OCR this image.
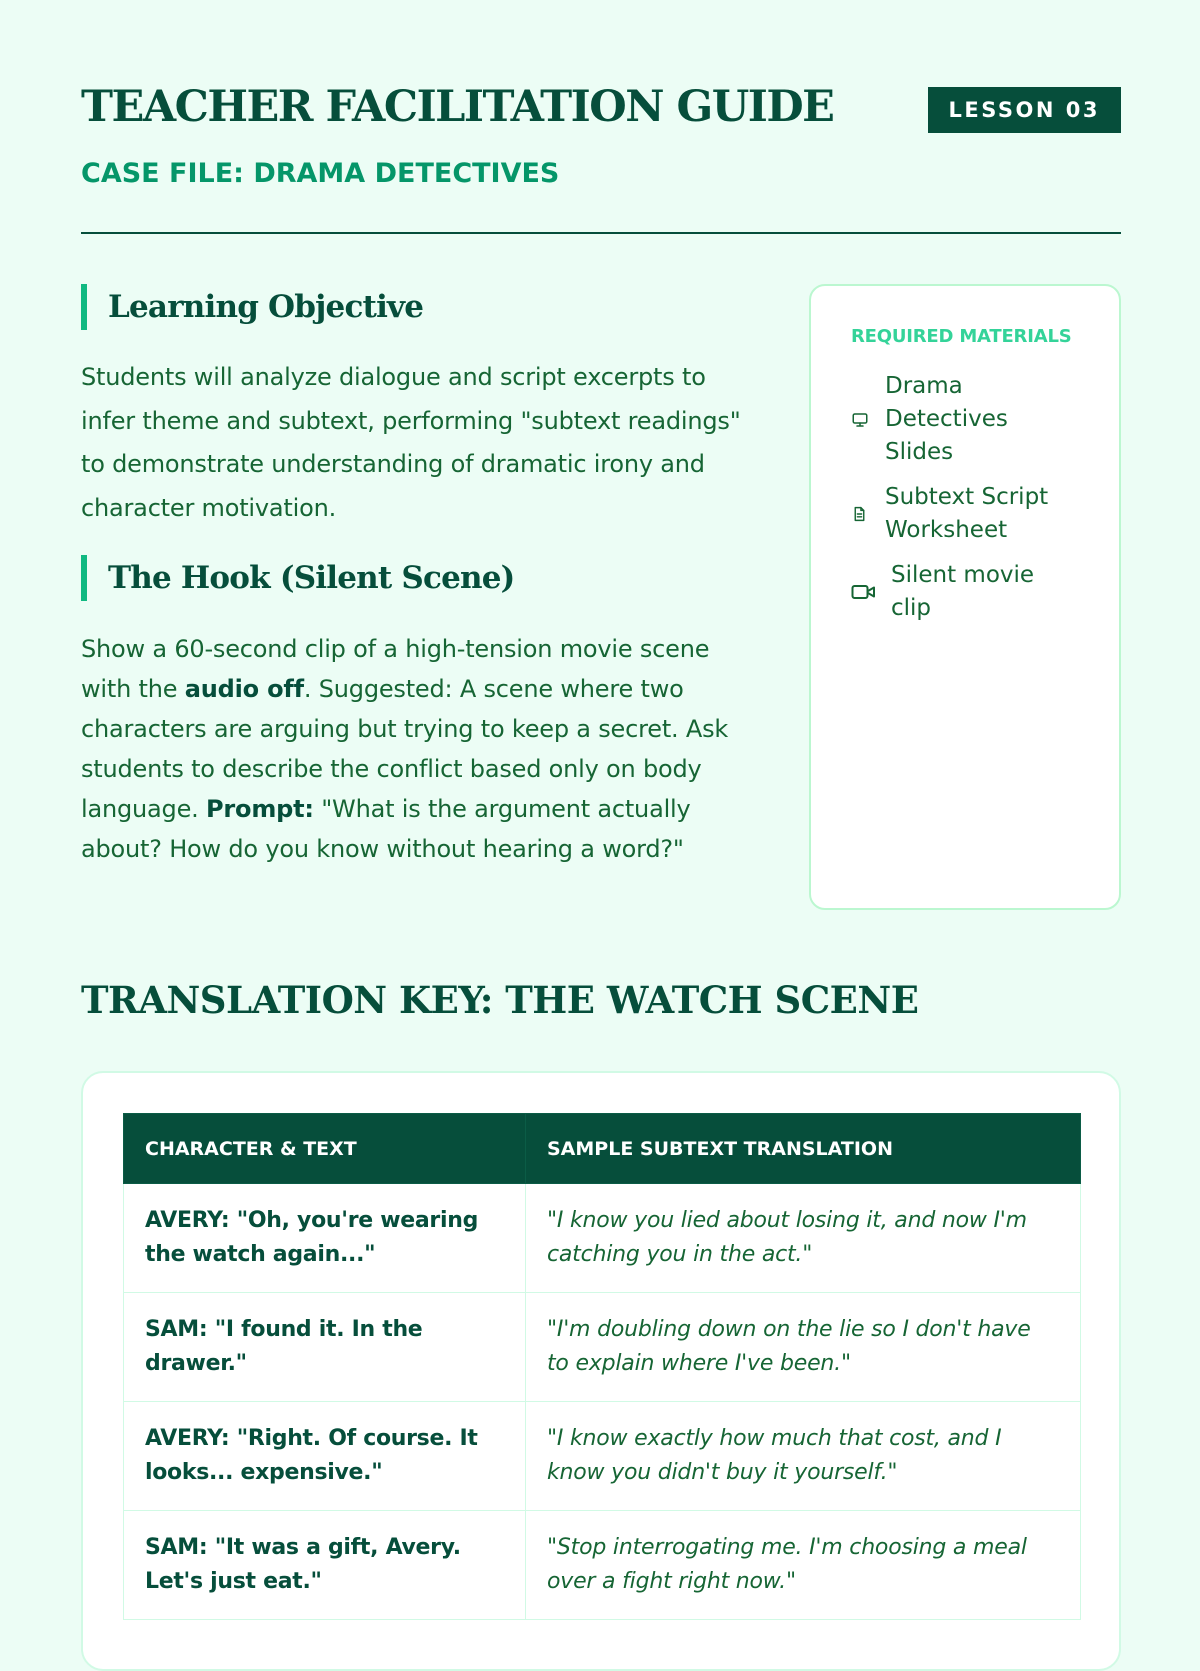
TEACHER FACILITATION GUIDE
CASE FILE: DRAMA DETECTIVES
LESSON 03
Learning Objective

Students will analyze dialogue and script excerpts to infer theme and subtext, performing "subtext readings" to demonstrate understanding of dramatic irony and character motivation.

The Hook (Silent Scene)

Show a 60-second clip of a high-tension movie scene with the audio off. Suggested: A scene where two characters are arguing but trying to keep a secret. Ask students to describe the conflict based only on body language. Prompt: "What is the argument actually about? How do you know without hearing a word?"

REQUIRED MATERIALS
Drama Detectives Slides
Subtext Script Worksheet
Silent movie clip
TRANSLATION KEY: THE WATCH SCENE
CHARACTER & TEXT	SAMPLE SUBTEXT TRANSLATION
AVERY: "Oh, you're wearing the watch again..."	"I know you lied about losing it, and now I'm catching you in the act."
SAM: "I found it. In the drawer."	"I'm doubling down on the lie so I don't have to explain where I've been."
AVERY: "Right. Of course. It looks... expensive."	"I know exactly how much that cost, and I know you didn't buy it yourself."
SAM: "It was a gift, Avery. Let's just eat."	"Stop interrogating me. I'm choosing a meal over a fight right now."
